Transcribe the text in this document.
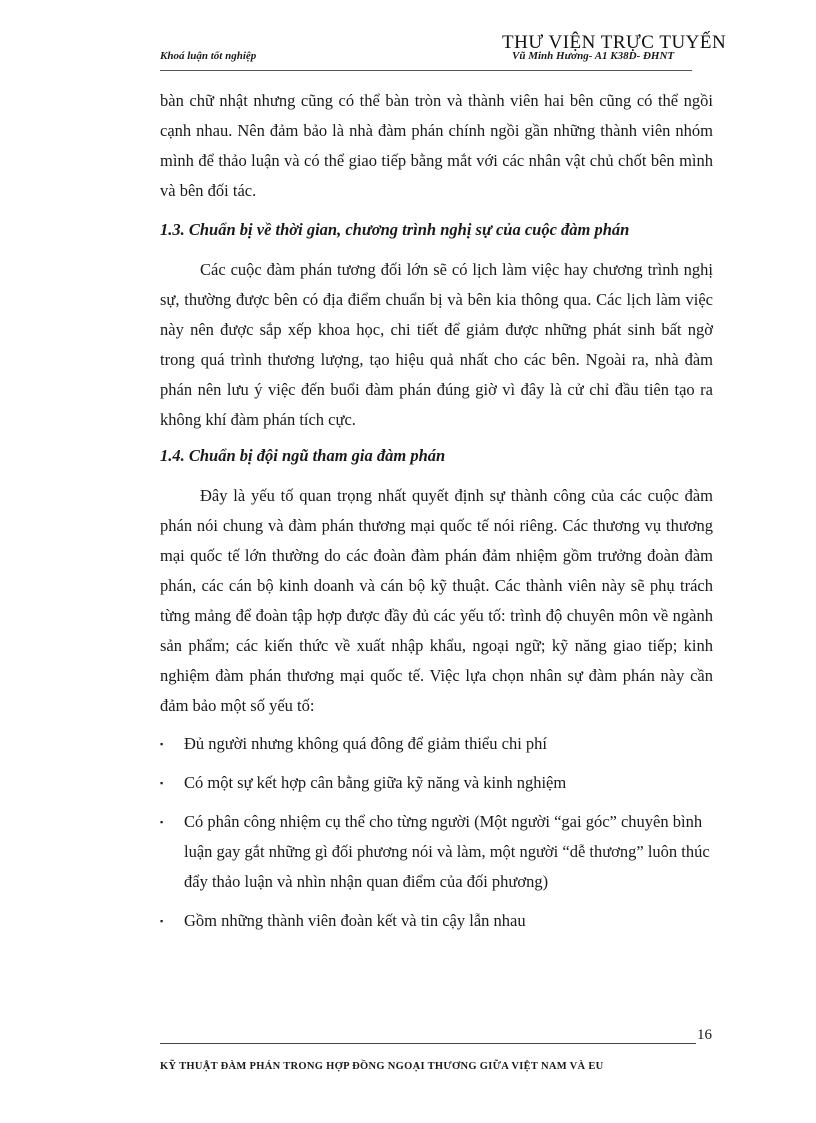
Khoá luận tốt nghiệp	Vũ Minh Hương- A1 K38D- ĐHNT
THƯ VIỆN TRỰC TUYẾN

bàn chữ nhật nhưng cũng có thể bàn tròn và thành viên hai bên cũng có thể ngồi cạnh nhau. Nên đảm bảo là nhà đàm phán chính ngồi gần những thành viên nhóm mình để thảo luận và có thể giao tiếp bằng mắt với các nhân vật chủ chốt bên mình và bên đối tác.

1.3. Chuẩn bị về thời gian, chương trình nghị sự của cuộc đàm phán

Các cuộc đàm phán tương đối lớn sẽ có lịch làm việc hay chương trình nghị sự, thường được bên có địa điểm chuẩn bị và bên kia thông qua. Các lịch làm việc này nên được sắp xếp khoa học, chi tiết để giảm được những phát sinh bất ngờ trong quá trình thương lượng, tạo hiệu quả nhất cho các bên. Ngoài ra, nhà đàm phán nên lưu ý việc đến buổi đàm phán đúng giờ vì đây là cử chỉ đầu tiên tạo ra không khí đàm phán tích cực.

1.4. Chuẩn bị đội ngũ tham gia đàm phán

Đây là yếu tố quan trọng nhất quyết định sự thành công của các cuộc đàm phán nói chung và đàm phán thương mại quốc tế nói riêng. Các thương vụ thương mại quốc tế lớn thường do các đoàn đàm phán đảm nhiệm gồm trưởng đoàn đàm phán, các cán bộ kinh doanh và cán bộ kỹ thuật. Các thành viên này sẽ phụ trách từng mảng để đoàn tập hợp được đầy đủ các yếu tố: trình độ chuyên môn về ngành sản phẩm; các kiến thức về xuất nhập khẩu, ngoại ngữ; kỹ năng giao tiếp; kinh nghiệm đàm phán thương mại quốc tế. Việc lựa chọn nhân sự đàm phán này cần đảm bảo một số yếu tố:

▪ Đủ người nhưng không quá đông để giảm thiểu chi phí
▪ Có một sự kết hợp cân bằng giữa kỹ năng và kinh nghiệm
▪ Có phân công nhiệm cụ thể cho từng người (Một người “gai góc” chuyên bình luận gay gắt những gì đối phương nói và làm, một người “dễ thương” luôn thúc đẩy thảo luận và nhìn nhận quan điểm của đối phương)
▪ Gồm những thành viên đoàn kết và tin cậy lẫn nhau
16
KỸ THUẬT ĐÀM PHÁN TRONG HỢP ĐỒNG NGOẠI THƯƠNG GIỮA VIỆT NAM VÀ EU
